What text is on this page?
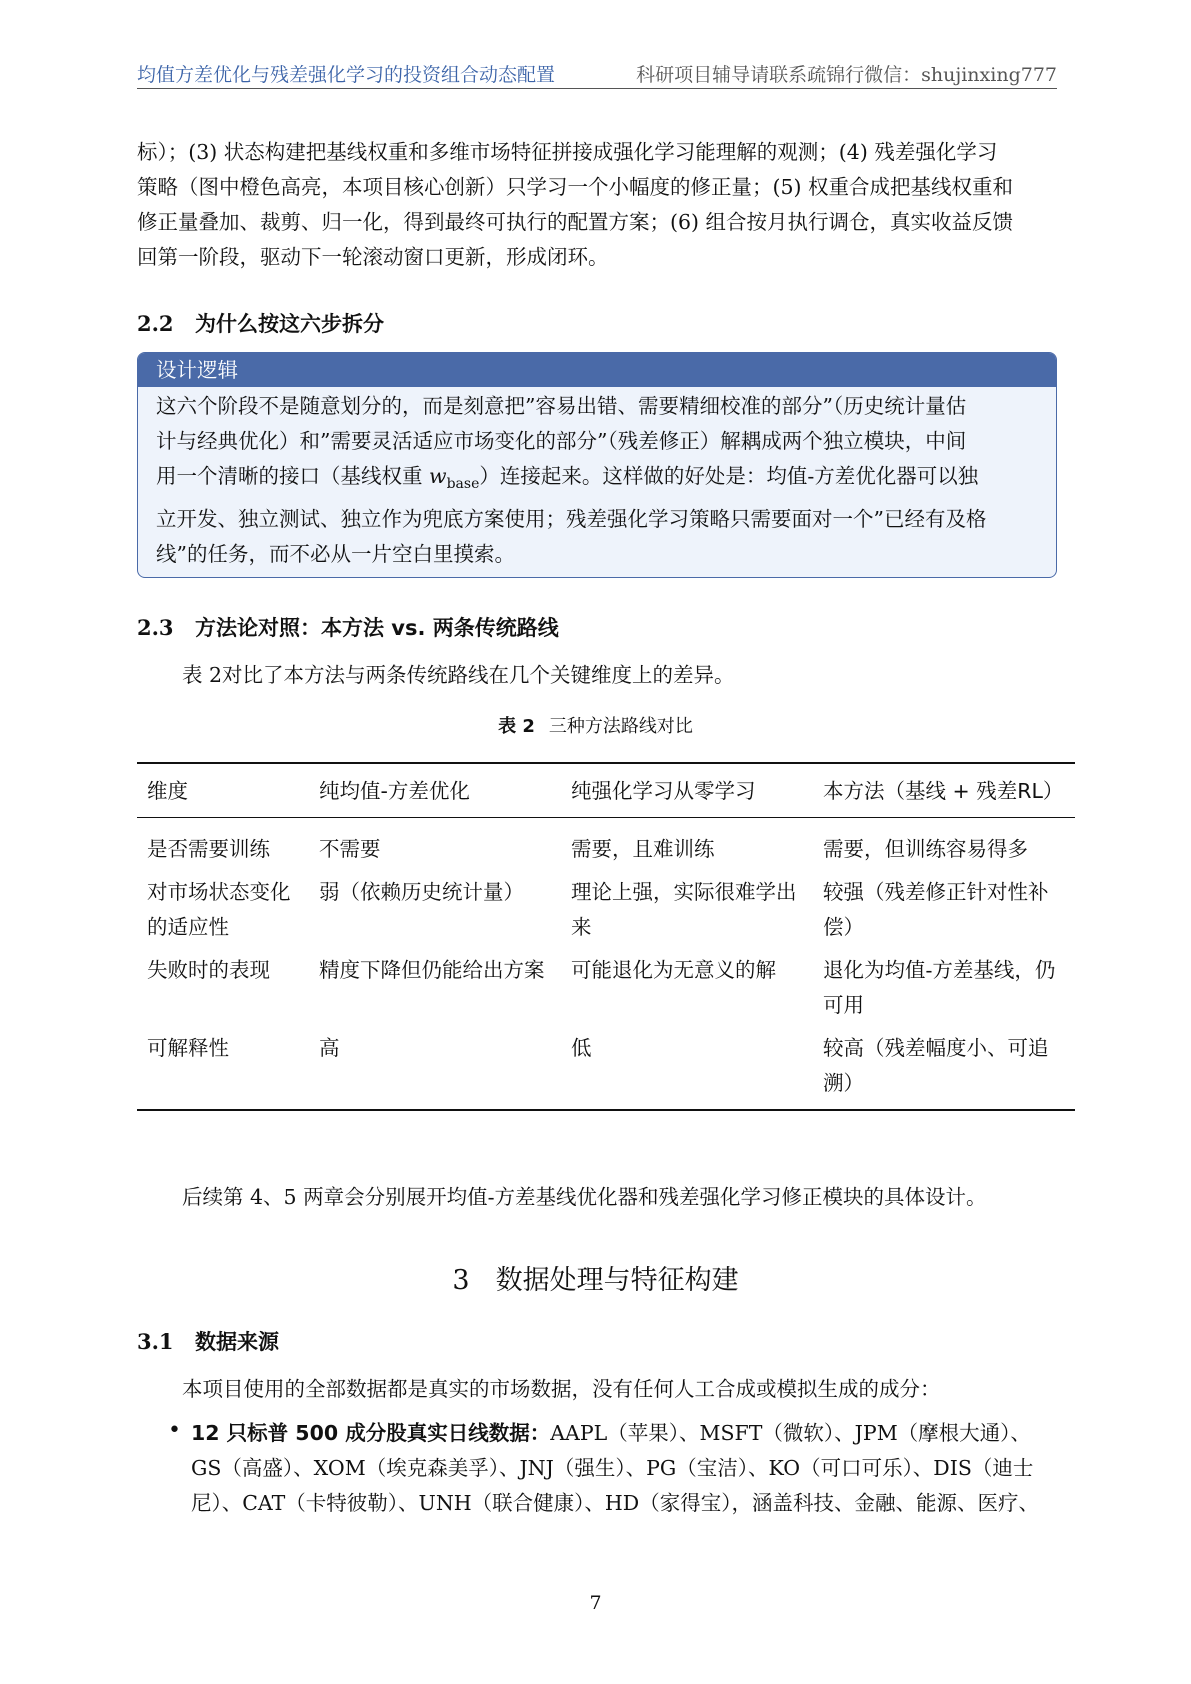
均值方差优化与残差强化学习的投资组合动态配置	科研项目辅导请联系疏锦行微信：shujinxing777
标）；(3) 状态构建把基线权重和多维市场特征拼接成强化学习能理解的观测；(4) 残差强化学习
策略（图中橙色高亮，本项目核心创新）只学习一个小幅度的修正量；(5) 权重合成把基线权重和
修正量叠加、裁剪、归一化，得到最终可执行的配置方案；(6) 组合按月执行调仓，真实收益反馈
回第一阶段，驱动下一轮滚动窗口更新，形成闭环。
2.2 为什么按这六步拆分
设计逻辑
这六个阶段不是随意划分的，而是刻意把”容易出错、需要精细校准的部分”（历史统计量估
计与经典优化）和”需要灵活适应市场变化的部分”（残差修正）解耦成两个独立模块，中间
用一个清晰的接口（基线权重 $w_{base}$）连接起来。这样做的好处是：均值-方差优化器可以独
立开发、独立测试、独立作为兜底方案使用；残差强化学习策略只需要面对一个”已经有及格
线”的任务，而不必从一片空白里摸索。
2.3 方法论对照：本方法 vs. 两条传统路线
表 2对比了本方法与两条传统路线在几个关键维度上的差异。
表 2 三种方法路线对比
维度	纯均值-方差优化	纯强化学习从零学习	本方法（基线 + 残差RL）
是否需要训练	不需要	需要，且难训练	需要，但训练容易得多
对市场状态变化的适应性	弱（依赖历史统计量）	理论上强，实际很难学出来	较强（残差修正针对性补偿）
失败时的表现	精度下降但仍能给出方案	可能退化为无意义的解	退化为均值-方差基线，仍可用
可解释性	高	低	较高（残差幅度小、可追溯）
后续第 4、5 两章会分别展开均值-方差基线优化器和残差强化学习修正模块的具体设计。
3 数据处理与特征构建
3.1 数据来源
本项目使用的全部数据都是真实的市场数据，没有任何人工合成或模拟生成的成分：
• 12 只标普 500 成分股真实日线数据：AAPL（苹果）、MSFT（微软）、JPM（摩根大通）、
GS（高盛）、XOM（埃克森美孚）、JNJ（强生）、PG（宝洁）、KO（可口可乐）、DIS（迪士
尼）、CAT（卡特彼勒）、UNH（联合健康）、HD（家得宝），涵盖科技、金融、能源、医疗、
7
